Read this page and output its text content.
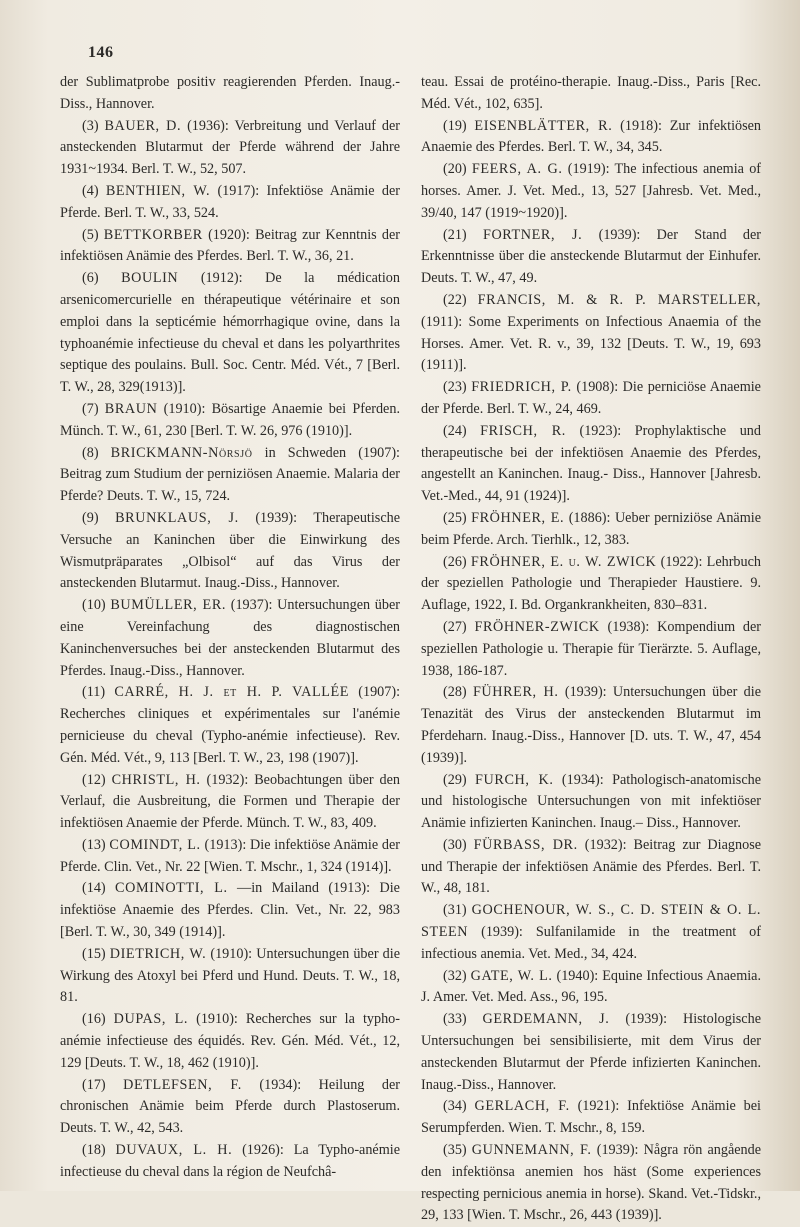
146

der Sublimatprobe positiv reagierenden Pferden. Inaug.-Diss., Hannover.

(3) BAUER, D. (1936): Verbreitung und Verlauf der ansteckenden Blutarmut der Pferde während der Jahre 1931~1934. Berl. T. W., 52, 507.

(4) BENTHIEN, W. (1917): Infektiöse Anämie der Pferde. Berl. T. W., 33, 524.

(5) BETTKORBER (1920): Beitrag zur Kenntnis der infektiösen Anämie des Pferdes. Berl. T. W., 36, 21.

(6) BOULIN (1912): De la médication arsenicomercurielle en thérapeutique vétérinaire et son emploi dans la septicémie hémorrhagique ovine, dans la typhoanémie infectieuse du cheval et dans les polyarthrites septique des poulains. Bull. Soc. Centr. Méd. Vét., 7 [Berl. T. W., 28, 329(1913)].

(7) BRAUN (1910): Bösartige Anaemie bei Pferden. Münch. T. W., 61, 230 [Berl. T. W. 26, 976 (1910)].

(8) BRICKMANN-Nörsjö in Schweden (1907): Beitrag zum Studium der perniziösen Anaemie. Malaria der Pferde? Deuts. T. W., 15, 724.

(9) BRUNKLAUS, J. (1939): Therapeutische Versuche an Kaninchen über die Einwirkung des Wismutpräparates „Olbisol“ auf das Virus der ansteckenden Blutarmut. Inaug.-Diss., Hannover.

(10) BUMÜLLER, ER. (1937): Untersuchungen über eine Vereinfachung des diagnostischen Kaninchenversuches bei der ansteckenden Blutarmut des Pferdes. Inaug.-Diss., Hannover.

(11) CARRÉ, H. J. et H. P. VALLÉE (1907): Recherches cliniques et expérimentales sur l'anémie pernicieuse du cheval (Typho-anémie infectieuse). Rev. Gén. Méd. Vét., 9, 113 [Berl. T. W., 23, 198 (1907)].

(12) CHRISTL, H. (1932): Beobachtungen über den Verlauf, die Ausbreitung, die Formen und Therapie der infektiösen Anaemie der Pferde. Münch. T. W., 83, 409.

(13) COMINDT, L. (1913): Die infektiöse Anämie der Pferde. Clin. Vet., Nr. 22 [Wien. T. Mschr., 1, 324 (1914)].

(14) COMINOTTI, L. —in Mailand (1913): Die infektiöse Anaemie des Pferdes. Clin. Vet., Nr. 22, 983 [Berl. T. W., 30, 349 (1914)].

(15) DIETRICH, W. (1910): Untersuchungen über die Wirkung des Atoxyl bei Pferd und Hund. Deuts. T. W., 18, 81.

(16) DUPAS, L. (1910): Recherches sur la typho-anémie infectieuse des équidés. Rev. Gén. Méd. Vét., 12, 129 [Deuts. T. W., 18, 462 (1910)].

(17) DETLEFSEN, F. (1934): Heilung der chronischen Anämie beim Pferde durch Plastoserum. Deuts. T. W., 42, 543.

(18) DUVAUX, L. H. (1926): La Typho-anémie infectieuse du cheval dans la région de Neufchâ-

teau. Essai de protéino-therapie. Inaug.-Diss., Paris [Rec. Méd. Vét., 102, 635].

(19) EISENBLÄTTER, R. (1918): Zur infektiösen Anaemie des Pferdes. Berl. T. W., 34, 345.

(20) FEERS, A. G. (1919): The infectious anemia of horses. Amer. J. Vet. Med., 13, 527 [Jahresb. Vet. Med., 39/40, 147 (1919~1920)].

(21) FORTNER, J. (1939): Der Stand der Erkenntnisse über die ansteckende Blutarmut der Einhufer. Deuts. T. W., 47, 49.

(22) FRANCIS, M. & R. P. MARSTELLER, (1911): Some Experiments on Infectious Anaemia of the Horses. Amer. Vet. R. v., 39, 132 [Deuts. T. W., 19, 693 (1911)].

(23) FRIEDRICH, P. (1908): Die perniciöse Anaemie der Pferde. Berl. T. W., 24, 469.

(24) FRISCH, R. (1923): Prophylaktische und therapeutische bei der infektiösen Anaemie des Pferdes, angestellt an Kaninchen. Inaug.- Diss., Hannover [Jahresb. Vet.-Med., 44, 91 (1924)].

(25) FRÖHNER, E. (1886): Ueber perniziöse Anämie beim Pferde. Arch. Tierhlk., 12, 383.

(26) FRÖHNER, E. u. W. ZWICK (1922): Lehrbuch der speziellen Pathologie und Therapieder Haustiere. 9. Auflage, 1922, I. Bd. Organkrankheiten, 830–831.

(27) FRÖHNER-ZWICK (1938): Kompendium der speziellen Pathologie u. Therapie für Tierärzte. 5. Auflage, 1938, 186-187.

(28) FÜHRER, H. (1939): Untersuchungen über die Tenazität des Virus der ansteckenden Blutarmut im Pferdeharn. Inaug.-Diss., Hannover [D. uts. T. W., 47, 454 (1939)].

(29) FURCH, K. (1934): Pathologisch-anatomische und histologische Untersuchungen von mit infektiöser Anämie infizierten Kaninchen. Inaug.– Diss., Hannover.

(30) FÜRBASS, DR. (1932): Beitrag zur Diagnose und Therapie der infektiösen Anämie des Pferdes. Berl. T. W., 48, 181.

(31) GOCHENOUR, W. S., C. D. STEIN & O. L. STEEN (1939): Sulfanilamide in the treatment of infectious anemia. Vet. Med., 34, 424.

(32) GATE, W. L. (1940): Equine Infectious Anaemia. J. Amer. Vet. Med. Ass., 96, 195.

(33) GERDEMANN, J. (1939): Histologische Untersuchungen bei sensibilisierte, mit dem Virus der ansteckenden Blutarmut der Pferde infizierten Kaninchen. Inaug.-Diss., Hannover.

(34) GERLACH, F. (1921): Infektiöse Anämie bei Serumpferden. Wien. T. Mschr., 8, 159.

(35) GUNNEMANN, F. (1939): Några rön angående den infektiönsa anemien hos häst (Some experiences respecting pernicious anemia in horse). Skand. Vet.-Tidskr., 29, 133 [Wien. T. Mschr., 26, 443 (1939)].
